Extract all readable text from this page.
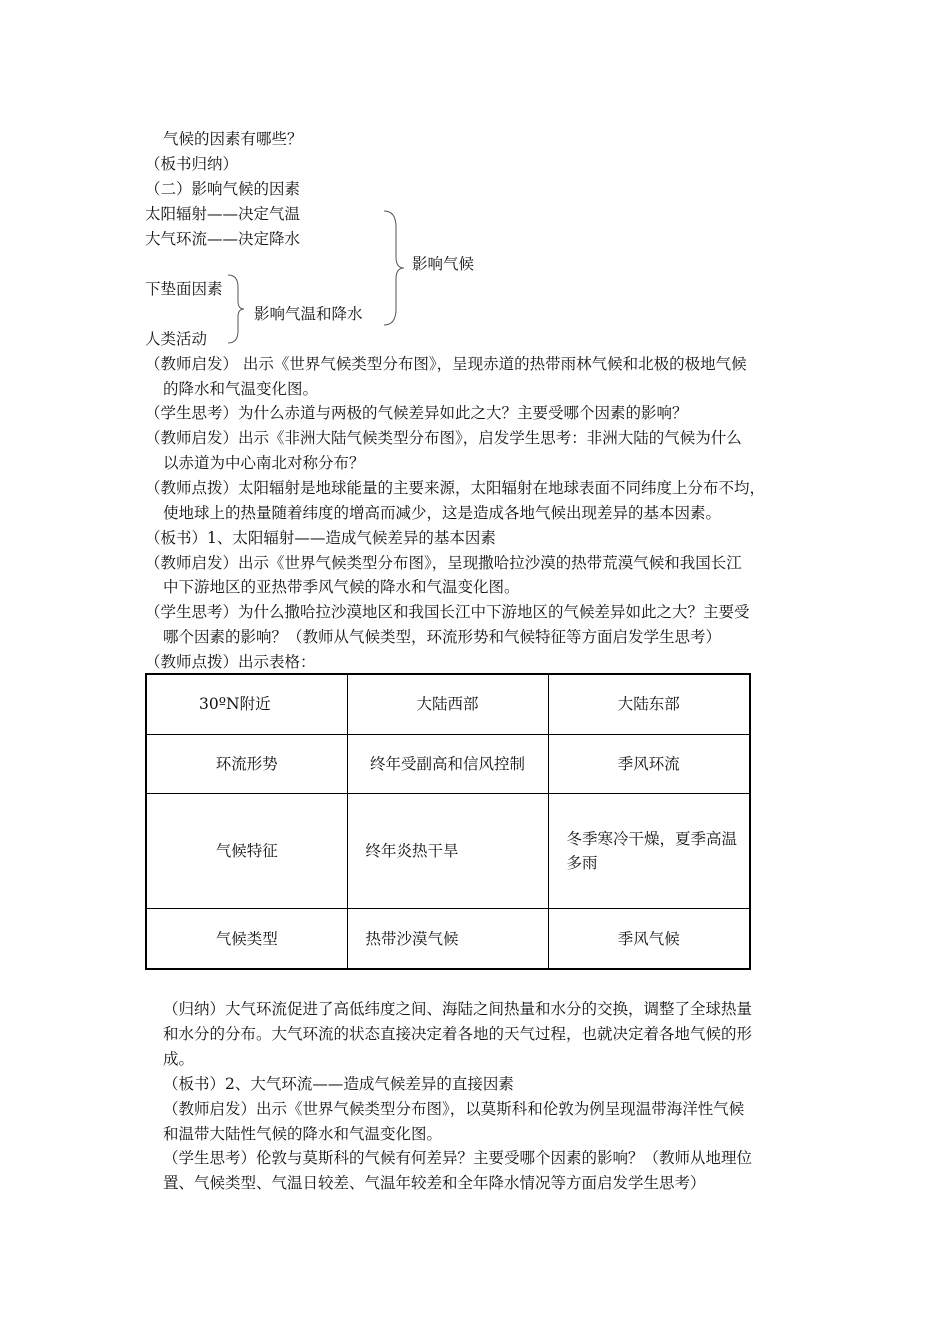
气候的因素有哪些？
（板书归纳）
（二）影响气候的因素
太阳辐射——决定气温
大气环流——决定降水
下垫面因素
人类活动
影响气温和降水
影响气候
（教师启发） 出示《世界气候类型分布图》，呈现赤道的热带雨林气候和北极的极地气候
的降水和气温变化图。
（学生思考）为什么赤道与两极的气候差异如此之大？主要受哪个因素的影响？
（教师启发）出示《非洲大陆气候类型分布图》，启发学生思考：非洲大陆的气候为什么
以赤道为中心南北对称分布？
（教师点拨）太阳辐射是地球能量的主要来源，太阳辐射在地球表面不同纬度上分布不均，
使地球上的热量随着纬度的增高而减少，这是造成各地气候出现差异的基本因素。
（板书）1、太阳辐射——造成气候差异的基本因素
（教师启发）出示《世界气候类型分布图》，呈现撒哈拉沙漠的热带荒漠气候和我国长江
中下游地区的亚热带季风气候的降水和气温变化图。
（学生思考）为什么撒哈拉沙漠地区和我国长江中下游地区的气候差异如此之大？主要受
哪个因素的影响？（教师从气候类型，环流形势和气候特征等方面启发学生思考）
（教师点拨）出示表格：
30ºN附近	大陆西部	大陆东部
环流形势	终年受副高和信风控制	季风环流
气候特征	终年炎热干旱	冬季寒冷干燥，夏季高温多雨
气候类型	热带沙漠气候	季风气候
（归纳）大气环流促进了高低纬度之间、海陆之间热量和水分的交换，调整了全球热量
和水分的分布。大气环流的状态直接决定着各地的天气过程，也就决定着各地气候的形
成。
（板书）2、大气环流——造成气候差异的直接因素
（教师启发）出示《世界气候类型分布图》，以莫斯科和伦敦为例呈现温带海洋性气候
和温带大陆性气候的降水和气温变化图。
（学生思考）伦敦与莫斯科的气候有何差异？主要受哪个因素的影响？（教师从地理位
置、气候类型、气温日较差、气温年较差和全年降水情况等方面启发学生思考）
